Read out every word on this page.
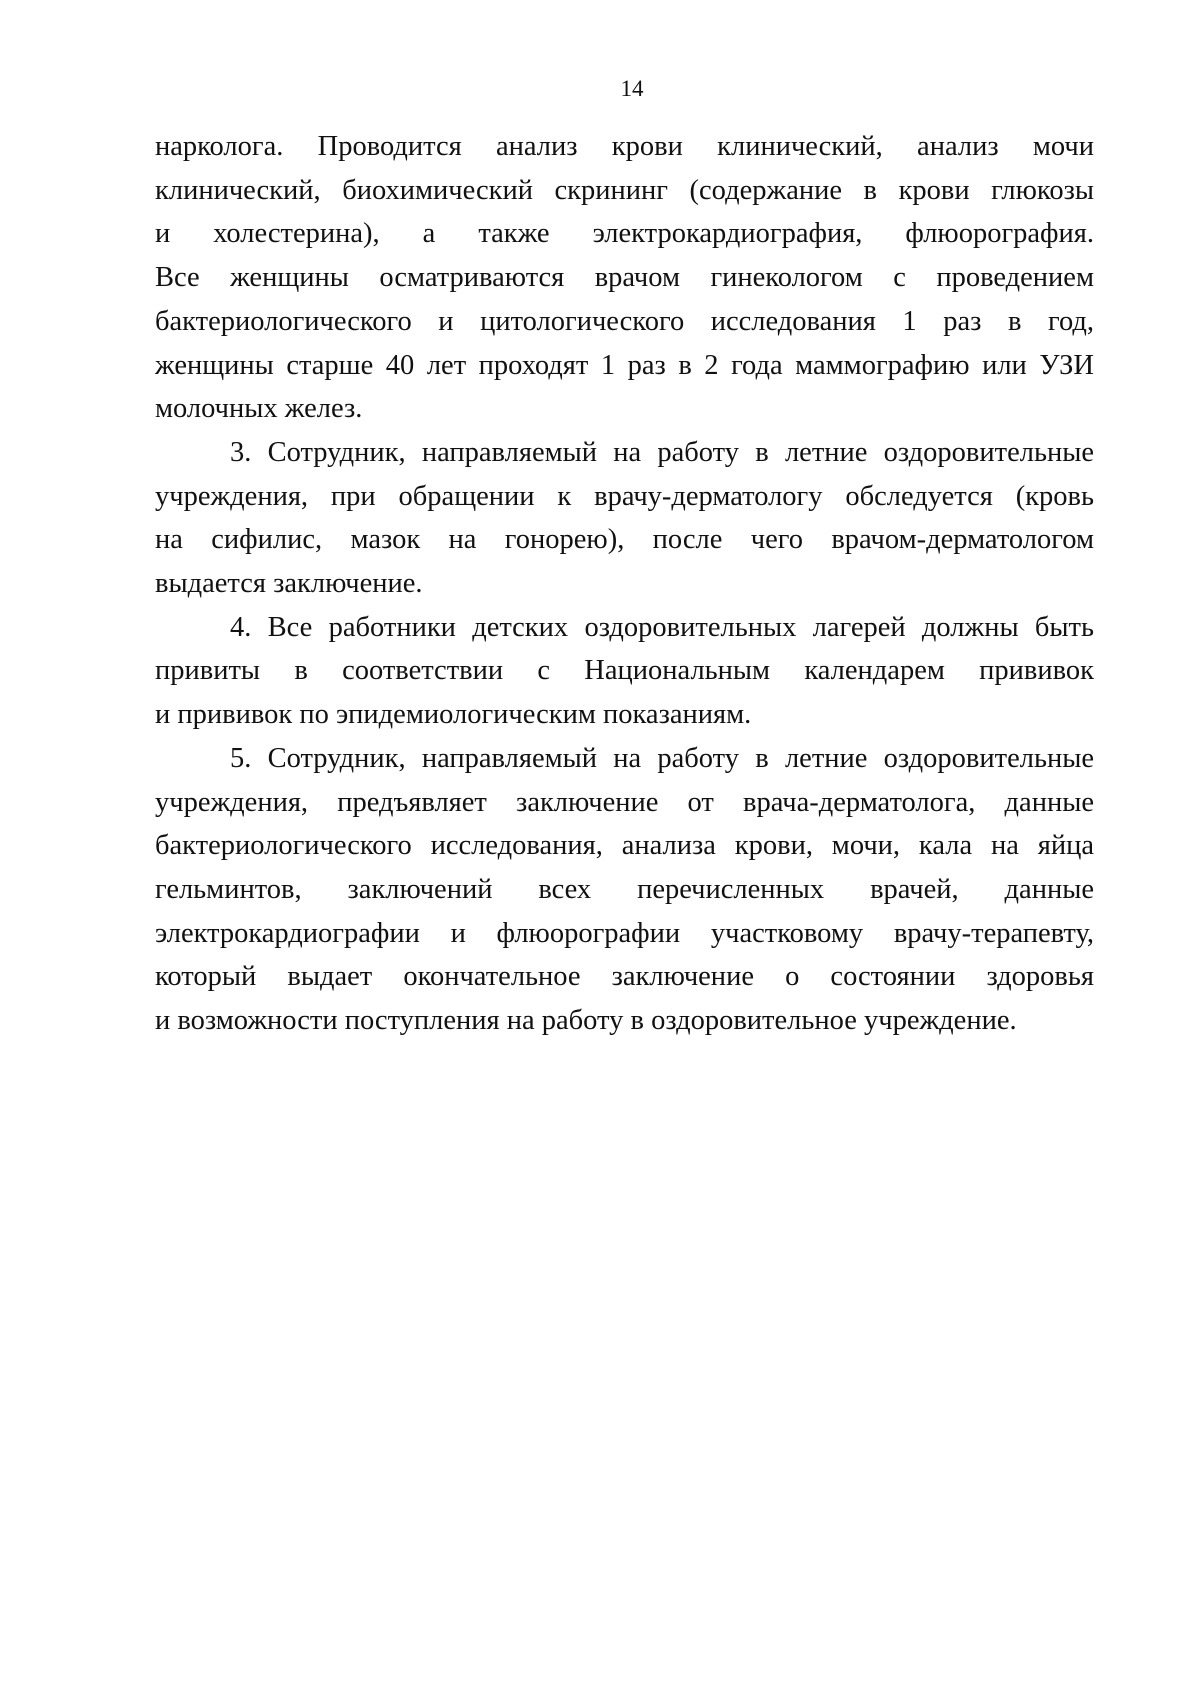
14

нарколога. Проводится анализ крови клинический, анализ мочи
клинический, биохимический скрининг (содержание в крови глюкозы
и холестерина), а также электрокардиография, флюорография.
Все женщины осматриваются врачом гинекологом с проведением
бактериологического и цитологического исследования 1 раз в год,
женщины старше 40 лет проходят 1 раз в 2 года маммографию или УЗИ
молочных желез.

3. Сотрудник, направляемый на работу в летние оздоровительные
учреждения, при обращении к врачу-дерматологу обследуется (кровь
на сифилис, мазок на гонорею), после чего врачом-дерматологом
выдается заключение.

4. Все работники детских оздоровительных лагерей должны быть
привиты в соответствии с Национальным календарем прививок
и прививок по эпидемиологическим показаниям.

5. Сотрудник, направляемый на работу в летние оздоровительные
учреждения, предъявляет заключение от врача-дерматолога, данные
бактериологического исследования, анализа крови, мочи, кала на яйца
гельминтов, заключений всех перечисленных врачей, данные
электрокардиографии и флюорографии участковому врачу-терапевту,
который выдает окончательное заключение о состоянии здоровья
и возможности поступления на работу в оздоровительное учреждение.
